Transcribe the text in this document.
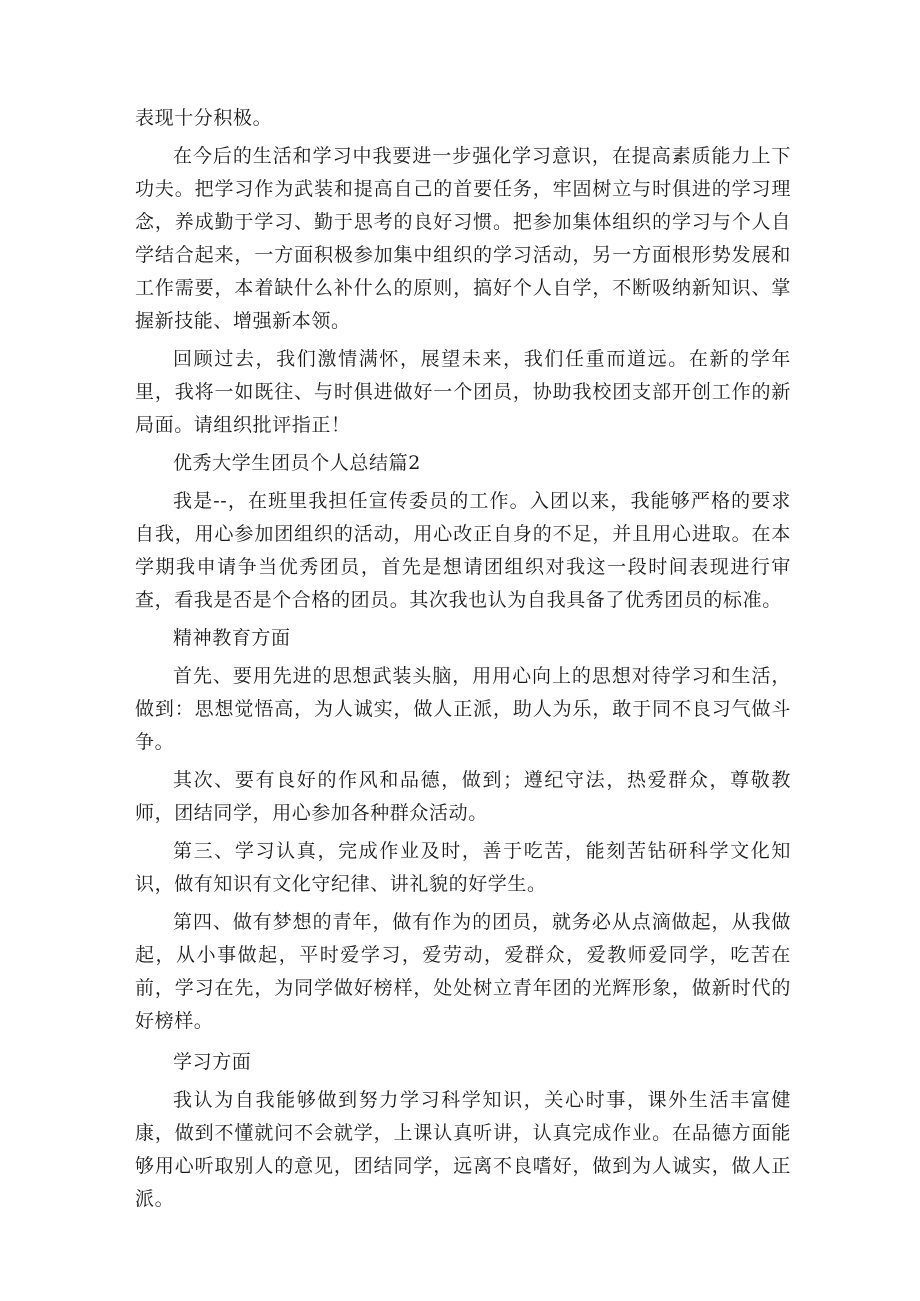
表现十分积极。

在今后的生活和学习中我要进一步强化学习意识，在提高素质能力上下功夫。把学习作为武装和提高自己的首要任务，牢固树立与时俱进的学习理念，养成勤于学习、勤于思考的良好习惯。把参加集体组织的学习与个人自学结合起来，一方面积极参加集中组织的学习活动，另一方面根形势发展和工作需要，本着缺什么补什么的原则，搞好个人自学，不断吸纳新知识、掌握新技能、增强新本领。

回顾过去，我们激情满怀，展望未来，我们任重而道远。在新的学年里，我将一如既往、与时俱进做好一个团员，协助我校团支部开创工作的新局面。请组织批评指正！

优秀大学生团员个人总结篇2

我是--，在班里我担任宣传委员的工作。入团以来，我能够严格的要求自我，用心参加团组织的活动，用心改正自身的不足，并且用心进取。在本学期我申请争当优秀团员，首先是想请团组织对我这一段时间表现进行审查，看我是否是个合格的团员。其次我也认为自我具备了优秀团员的标准。

精神教育方面

首先、要用先进的思想武装头脑，用用心向上的思想对待学习和生活，做到：思想觉悟高，为人诚实，做人正派，助人为乐，敢于同不良习气做斗争。

其次、要有良好的作风和品德，做到；遵纪守法，热爱群众，尊敬教师，团结同学，用心参加各种群众活动。

第三、学习认真，完成作业及时，善于吃苦，能刻苦钻研科学文化知识，做有知识有文化守纪律、讲礼貌的好学生。

第四、做有梦想的青年，做有作为的团员，就务必从点滴做起，从我做起，从小事做起，平时爱学习，爱劳动，爱群众，爱教师爱同学，吃苦在前，学习在先，为同学做好榜样，处处树立青年团的光辉形象，做新时代的好榜样。

学习方面

我认为自我能够做到努力学习科学知识，关心时事，课外生活丰富健康，做到不懂就问不会就学，上课认真听讲，认真完成作业。在品德方面能够用心听取别人的意见，团结同学，远离不良嗜好，做到为人诚实，做人正派。
